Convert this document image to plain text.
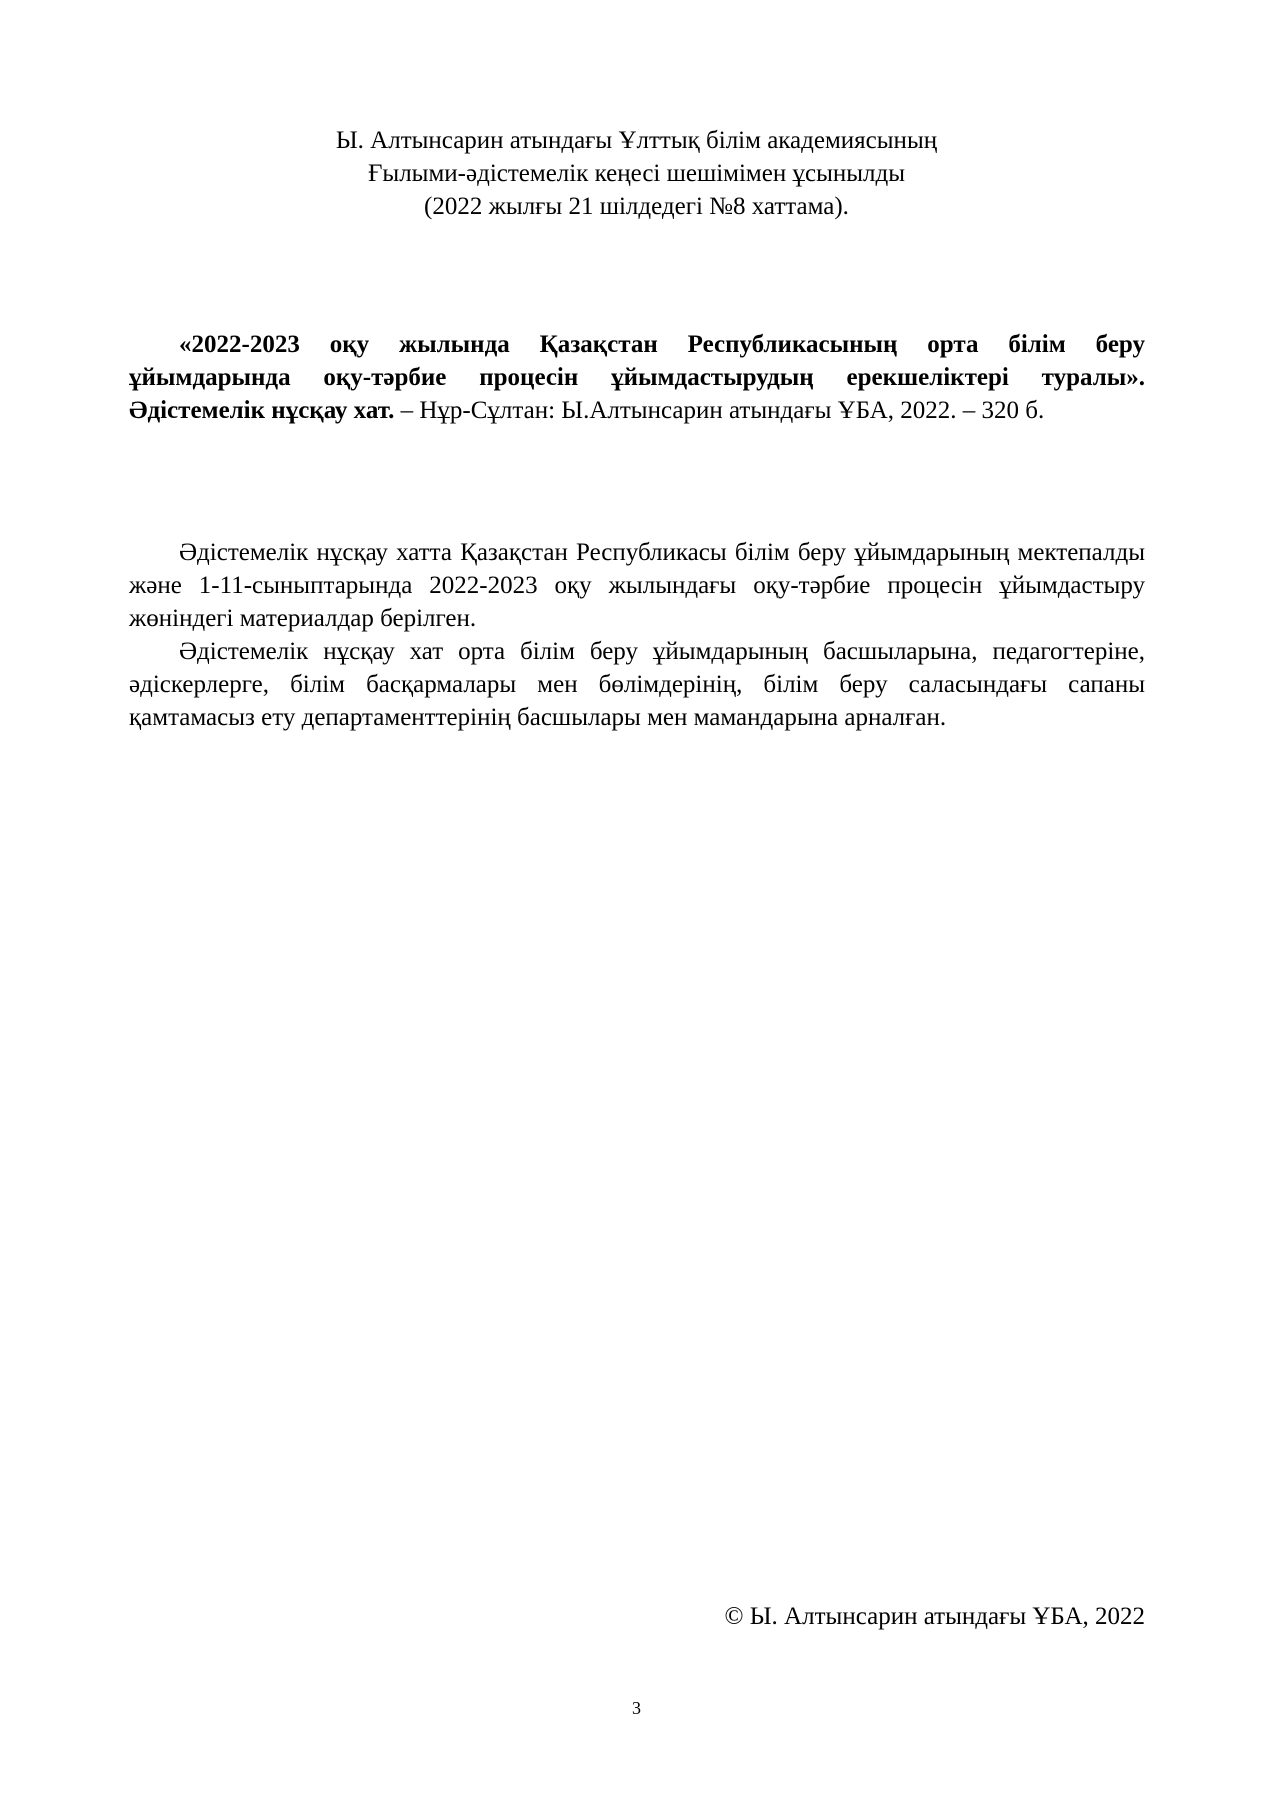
Ы. Алтынсарин атындағы Ұлттық білім академиясының
Ғылыми-әдістемелік кеңесі шешімімен ұсынылды
(2022 жылғы 21 шілдедегі №8 хаттама).
«2022-2023 оқу жылында Қазақстан Республикасының орта білім беру ұйымдарында оқу-тәрбие процесін ұйымдастырудың ерекшеліктері туралы». Әдістемелік нұсқау хат. – Нұр-Сұлтан: Ы.Алтынсарин атындағы ҰБА, 2022. – 320 б.

Әдістемелік нұсқау хатта Қазақстан Республикасы білім беру ұйымдарының мектепалды және 1-11-сыныптарында 2022-2023 оқу жылындағы оқу-тәрбие процесін ұйымдастыру жөніндегі материалдар берілген.

Әдістемелік нұсқау хат орта білім беру ұйымдарының басшыларына, педагогтеріне, әдіскерлерге, білім басқармалары мен бөлімдерінің, білім беру саласындағы сапаны қамтамасыз ету департаменттерінің басшылары мен мамандарына арналған.

© Ы. Алтынсарин атындағы ҰБА, 2022
3
